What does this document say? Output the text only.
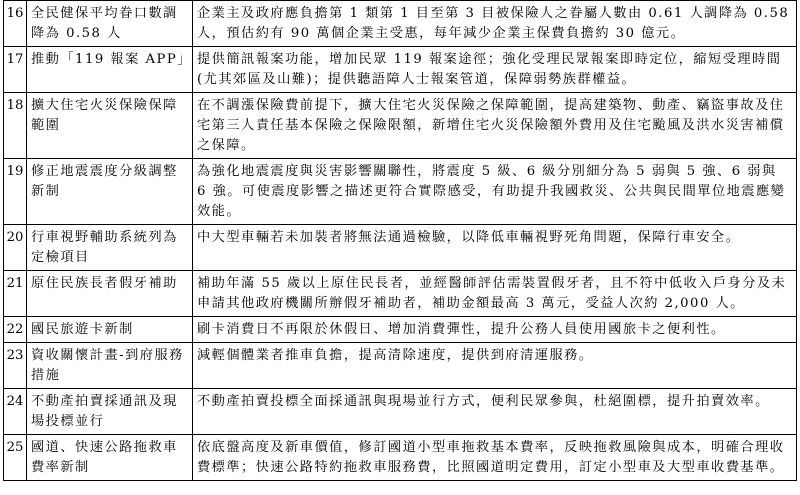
16	全民健保平均眷口數調降為 0.58 人	企業主及政府應負擔第 1 類第 1 目至第 3 目被保險人之眷屬人數由 0.61 人調降為 0.58 人，預估約有 90 萬個企業主受惠，每年減少企業主保費負擔約 30 億元。
17	推動「119 報案 APP」	提供簡訊報案功能，增加民眾 119 報案途徑；強化受理民眾報案即時定位，縮短受理時間(尤其郊區及山難)；提供聽語障人士報案管道，保障弱勢族群權益。
18	擴大住宅火災保險保障範圍	在不調漲保險費前提下，擴大住宅火災保險之保障範圍，提高建築物、動產、竊盜事故及住宅第三人責任基本保險之保險限額，新增住宅火災保險額外費用及住宅颱風及洪水災害補償之保障。
19	修正地震震度分級調整新制	為強化地震震度與災害影響關聯性，將震度 5 級、6 級分別細分為 5 弱與 5 強、6 弱與 6 強。可使震度影響之描述更符合實際感受，有助提升我國救災、公共與民間單位地震應變效能。
20	行車視野輔助系統列為定檢項目	中大型車輛若未加裝者將無法通過檢驗，以降低車輛視野死角問題，保障行車安全。
21	原住民族長者假牙補助	補助年滿 55 歲以上原住民長者，並經醫師評估需裝置假牙者，且不符中低收入戶身分及未申請其他政府機關所辦假牙補助者，補助金額最高 3 萬元，受益人次約 2,000 人。
22	國民旅遊卡新制	刷卡消費日不再限於休假日、增加消費彈性，提升公務人員使用國旅卡之便利性。
23	資收關懷計畫-到府服務措施	減輕個體業者推車負擔，提高清除速度，提供到府清運服務。
24	不動產拍賣採通訊及現場投標並行	不動產拍賣投標全面採通訊與現場並行方式，便利民眾參與，杜絕圍標，提升拍賣效率。
25	國道、快速公路拖救車費率新制	依底盤高度及新車價值，修訂國道小型車拖救基本費率，反映拖救風險與成本，明確合理收費標準；快速公路特約拖救車服務費，比照國道明定費用，訂定小型車及大型車收費基準。
